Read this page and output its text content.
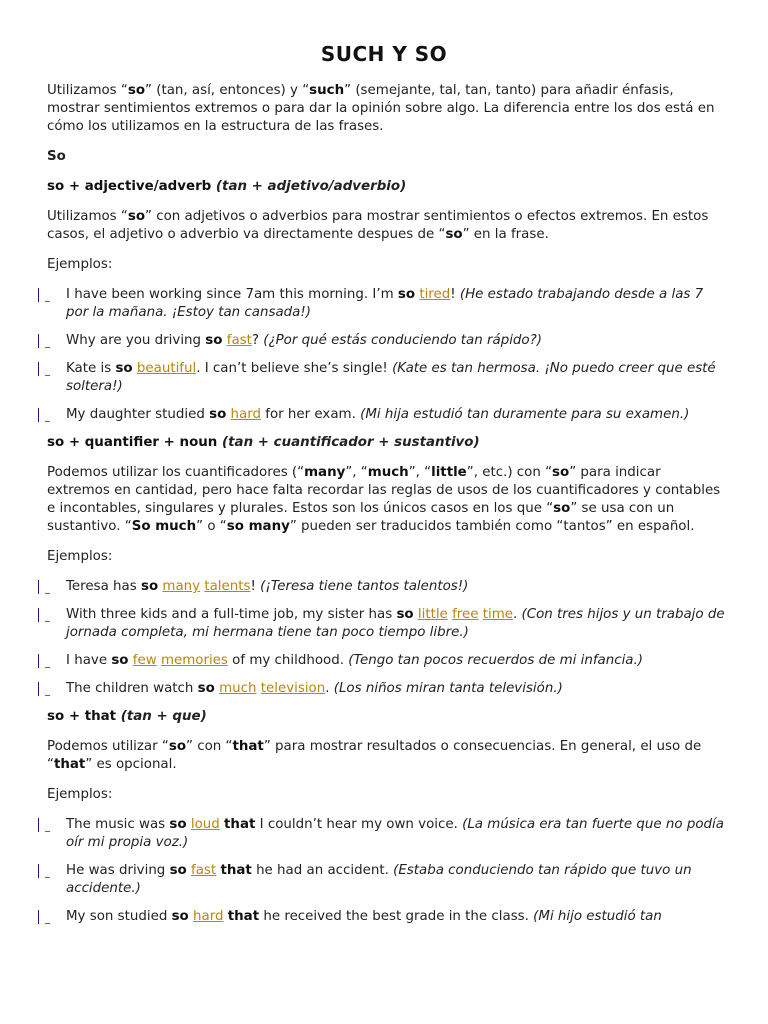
SUCH Y SO

Utilizamos “so” (tan, así, entonces) y “such” (semejante, tal, tan, tanto) para añadir énfasis, mostrar sentimientos extremos o para dar la opinión sobre algo. La diferencia entre los dos está en cómo los utilizamos en la estructura de las frases.

So

so + adjective/adverb (tan + adjetivo/adverbio)

Utilizamos “so” con adjetivos o adverbios para mostrar sentimientos o efectos extremos. En estos casos, el adjetivo o adverbio va directamente despues de “so” en la frase.

Ejemplos:

I have been working since 7am this morning. I’m so tired! (He estado trabajando desde a las 7 por la mañana. ¡Estoy tan cansada!)

Why are you driving so fast? (¿Por qué estás conduciendo tan rápido?)

Kate is so beautiful. I can’t believe she’s single! (Kate es tan hermosa. ¡No puedo creer que esté soltera!)

My daughter studied so hard for her exam. (Mi hija estudió tan duramente para su examen.)

so + quantifier + noun (tan + cuantificador + sustantivo)

Podemos utilizar los cuantificadores (“many”, “much”, “little”, etc.) con “so” para indicar extremos en cantidad, pero hace falta recordar las reglas de usos de los cuantificadores y contables e incontables, singulares y plurales. Estos son los únicos casos en los que “so” se usa con un sustantivo. “So much” o “so many” pueden ser traducidos también como “tantos” en español.

Ejemplos:

Teresa has so many talents! (¡Teresa tiene tantos talentos!)

With three kids and a full-time job, my sister has so little free time. (Con tres hijos y un trabajo de jornada completa, mi hermana tiene tan poco tiempo libre.)

I have so few memories of my childhood. (Tengo tan pocos recuerdos de mi infancia.)

The children watch so much television. (Los niños miran tanta televisión.)

so + that (tan + que)

Podemos utilizar “so” con “that” para mostrar resultados o consecuencias. En general, el uso de “that” es opcional.

Ejemplos:

The music was so loud that I couldn’t hear my own voice. (La música era tan fuerte que no podía oír mi propia voz.)

He was driving so fast that he had an accident. (Estaba conduciendo tan rápido que tuvo un accidente.)

My son studied so hard that he received the best grade in the class. (Mi hijo estudió tan
